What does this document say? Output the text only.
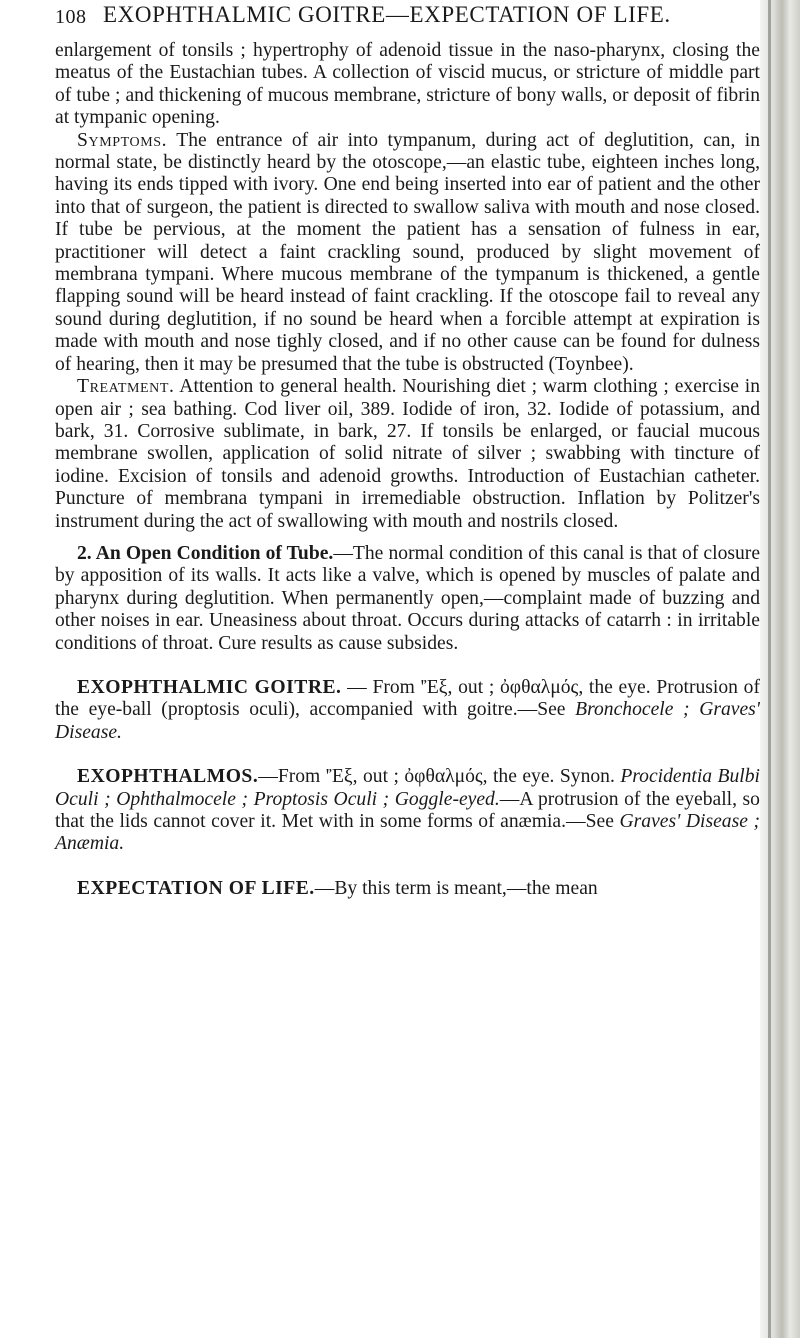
108 EXOPHTHALMIC GOITRE—EXPECTATION OF LIFE.

enlargement of tonsils ; hypertrophy of adenoid tissue in the naso-pharynx, closing the meatus of the Eustachian tubes. A collection of viscid mucus, or stricture of middle part of tube ; and thickening of mucous membrane, stricture of bony walls, or deposit of fibrin at tympanic opening.

Symptoms. The entrance of air into tympanum, during act of deglutition, can, in normal state, be distinctly heard by the otoscope,—an elastic tube, eighteen inches long, having its ends tipped with ivory. One end being inserted into ear of patient and the other into that of surgeon, the patient is directed to swallow saliva with mouth and nose closed. If tube be pervious, at the moment the patient has a sensation of fulness in ear, practitioner will detect a faint crackling sound, produced by slight movement of membrana tympani. Where mucous membrane of the tympanum is thickened, a gentle flapping sound will be heard instead of faint crackling. If the otoscope fail to reveal any sound during deglutition, if no sound be heard when a forcible attempt at expiration is made with mouth and nose tighly closed, and if no other cause can be found for dulness of hearing, then it may be presumed that the tube is obstructed (Toynbee).

Treatment. Attention to general health. Nourishing diet ; warm clothing ; exercise in open air ; sea bathing. Cod liver oil, 389. Iodide of iron, 32. Iodide of potassium, and bark, 31. Corrosive sublimate, in bark, 27. If tonsils be enlarged, or faucial mucous membrane swollen, application of solid nitrate of silver ; swabbing with tincture of iodine. Excision of tonsils and adenoid growths. Introduction of Eustachian catheter. Puncture of membrana tympani in irremediable obstruction. Inflation by Politzer's instrument during the act of swallowing with mouth and nostrils closed.

2. An Open Condition of Tube.—The normal condition of this canal is that of closure by apposition of its walls. It acts like a valve, which is opened by muscles of palate and pharynx during deglutition. When permanently open,—complaint made of buzzing and other noises in ear. Uneasiness about throat. Occurs during attacks of catarrh : in irritable conditions of throat. Cure results as cause subsides.

EXOPHTHALMIC GOITRE. — From 'Ἐξ, out ; ὀφθαλμός, the eye. Protrusion of the eye-ball (proptosis oculi), accompanied with goitre.—See Bronchocele ; Graves' Disease.

EXOPHTHALMOS.—From 'Ἐξ, out ; ὀφθαλμός, the eye. Synon. Procidentia Bulbi Oculi ; Ophthalmocele ; Proptosis Oculi ; Goggle-eyed.—A protrusion of the eyeball, so that the lids cannot cover it. Met with in some forms of anæmia.—See Graves' Disease ; Anæmia.

EXPECTATION OF LIFE.—By this term is meant,—the mean
